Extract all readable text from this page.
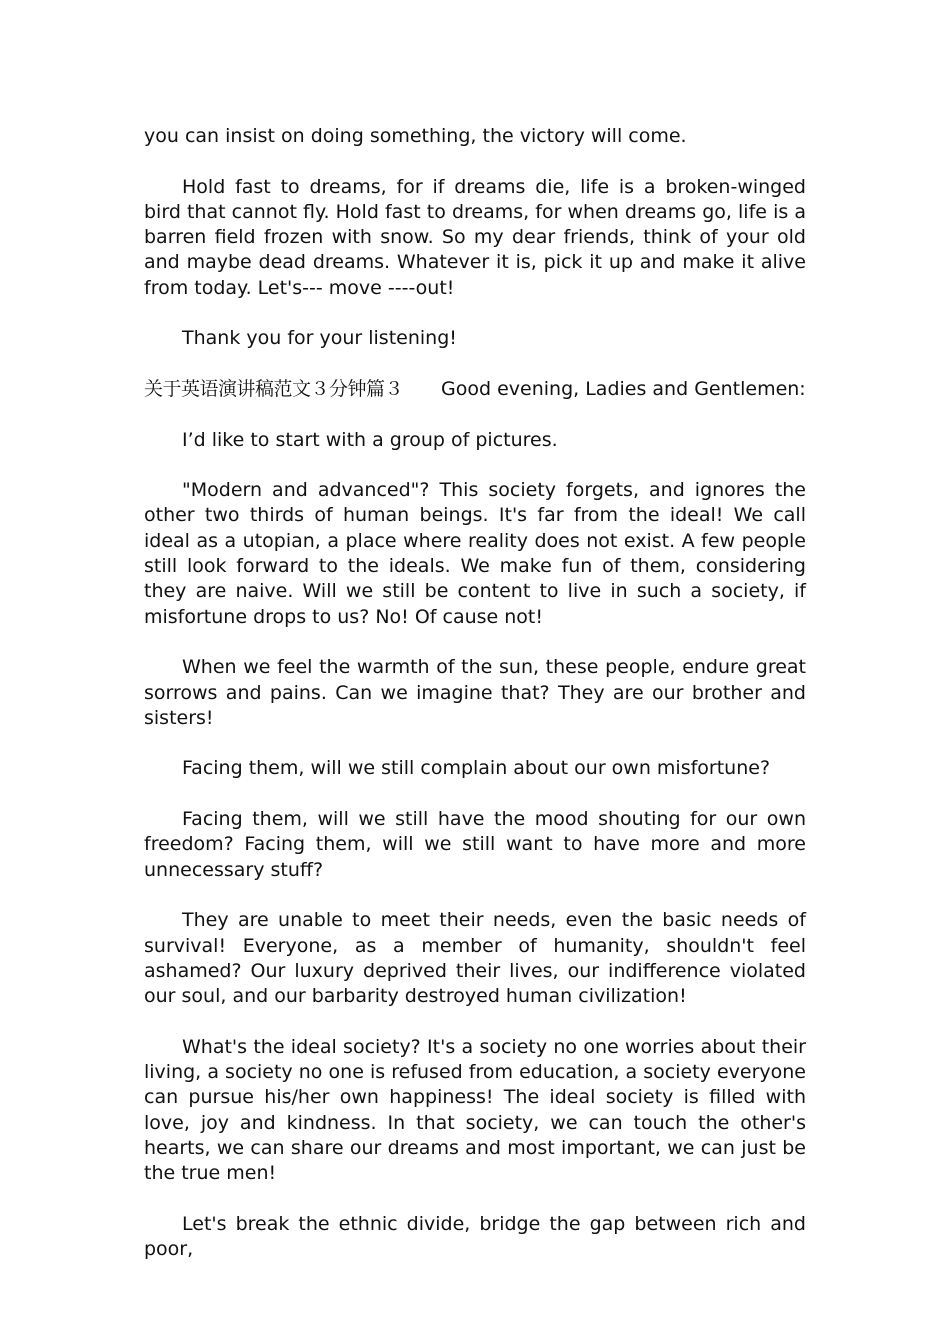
you can insist on doing something, the victory will come.

Hold fast to dreams, for if dreams die, life is a broken-winged bird that cannot fly. Hold fast to dreams, for when dreams go, life is a barren field frozen with snow. So my dear friends, think of your old and maybe dead dreams. Whatever it is, pick it up and make it alive from today. Let's--- move ----out!

Thank you for your listening!

关于英语演讲稿范文３分钟篇３ Good evening, Ladies and Gentlemen:

I’d like to start with a group of pictures.

"Modern and advanced"? This society forgets, and ignores the other two thirds of human beings. It's far from the ideal! We call ideal as a utopian, a place where reality does not exist. A few people still look forward to the ideals. We make fun of them, considering they are naive. Will we still be content to live in such a society, if misfortune drops to us? No! Of cause not!

When we feel the warmth of the sun, these people, endure great sorrows and pains. Can we imagine that? They are our brother and sisters!

Facing them, will we still complain about our own misfortune?

Facing them, will we still have the mood shouting for our own freedom? Facing them, will we still want to have more and more unnecessary stuff?

They are unable to meet their needs, even the basic needs of survival! Everyone, as a member of humanity, shouldn't feel ashamed? Our luxury deprived their lives, our indifference violated our soul, and our barbarity destroyed human civilization!

What's the ideal society? It's a society no one worries about their living, a society no one is refused from education, a society everyone can pursue his/her own happiness! The ideal society is filled with love, joy and kindness. In that society, we can touch the other's hearts, we can share our dreams and most important, we can just be the true men!

Let's break the ethnic divide, bridge the gap between rich and poor,
